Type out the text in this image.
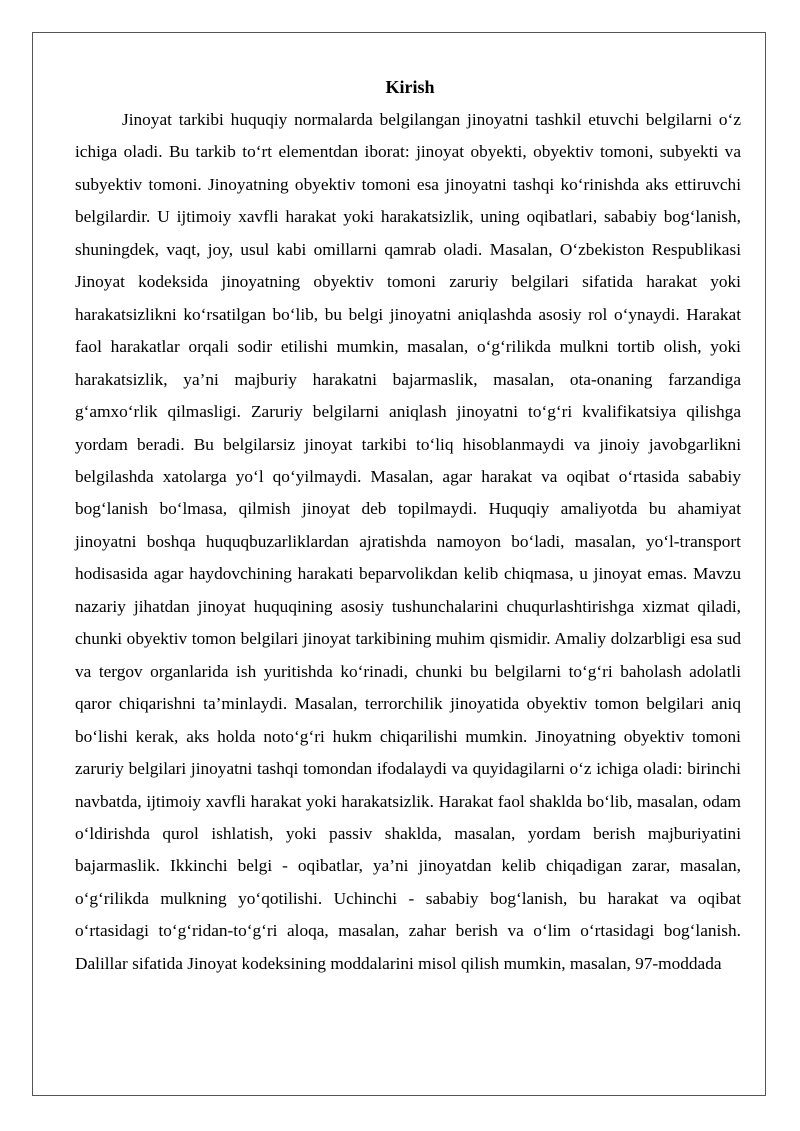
Kirish

Jinoyat tarkibi huquqiy normalarda belgilangan jinoyatni tashkil etuvchi belgilarni o‘z ichiga oladi. Bu tarkib to‘rt elementdan iborat: jinoyat obyekti, obyektiv tomoni, subyekti va subyektiv tomoni. Jinoyatning obyektiv tomoni esa jinoyatni tashqi ko‘rinishda aks ettiruvchi belgilardir. U ijtimoiy xavfli harakat yoki harakatsizlik, uning oqibatlari, sababiy bog‘lanish, shuningdek, vaqt, joy, usul kabi omillarni qamrab oladi. Masalan, O‘zbekiston Respublikasi Jinoyat kodeksida jinoyatning obyektiv tomoni zaruriy belgilari sifatida harakat yoki harakatsizlikni ko‘rsatilgan bo‘lib, bu belgi jinoyatni aniqlashda asosiy rol o‘ynaydi. Harakat faol harakatlar orqali sodir etilishi mumkin, masalan, o‘g‘rilikda mulkni tortib olish, yoki harakatsizlik, ya’ni majburiy harakatni bajarmaslik, masalan, ota-onaning farzandiga g‘amxo‘rlik qilmasligi. Zaruriy belgilarni aniqlash jinoyatni to‘g‘ri kvalifikatsiya qilishga yordam beradi. Bu belgilarsiz jinoyat tarkibi to‘liq hisoblanmaydi va jinoiy javobgarlikni belgilashda xatolarga yo‘l qo‘yilmaydi. Masalan, agar harakat va oqibat o‘rtasida sababiy bog‘lanish bo‘lmasa, qilmish jinoyat deb topilmaydi. Huquqiy amaliyotda bu ahamiyat jinoyatni boshqa huquqbuzarliklardan ajratishda namoyon bo‘ladi, masalan, yo‘l-transport hodisasida agar haydovchining harakati beparvolikdan kelib chiqmasa, u jinoyat emas. Mavzu nazariy jihatdan jinoyat huquqining asosiy tushunchalarini chuqurlashtirishga xizmat qiladi, chunki obyektiv tomon belgilari jinoyat tarkibining muhim qismidir. Amaliy dolzarbligi esa sud va tergov organlarida ish yuritishda ko‘rinadi, chunki bu belgilarni to‘g‘ri baholash adolatli qaror chiqarishni ta’minlaydi. Masalan, terrorchilik jinoyatida obyektiv tomon belgilari aniq bo‘lishi kerak, aks holda noto‘g‘ri hukm chiqarilishi mumkin. Jinoyatning obyektiv tomoni zaruriy belgilari jinoyatni tashqi tomondan ifodalaydi va quyidagilarni o‘z ichiga oladi: birinchi navbatda, ijtimoiy xavfli harakat yoki harakatsizlik. Harakat faol shaklda bo‘lib, masalan, odam o‘ldirishda qurol ishlatish, yoki passiv shaklda, masalan, yordam berish majburiyatini bajarmaslik. Ikkinchi belgi - oqibatlar, ya’ni jinoyatdan kelib chiqadigan zarar, masalan, o‘g‘rilikda mulkning yo‘qotilishi. Uchinchi - sababiy bog‘lanish, bu harakat va oqibat o‘rtasidagi to‘g‘ridan-to‘g‘ri aloqa, masalan, zahar berish va o‘lim o‘rtasidagi bog‘lanish. Dalillar sifatida Jinoyat kodeksining moddalarini misol qilish mumkin, masalan, 97-moddada
